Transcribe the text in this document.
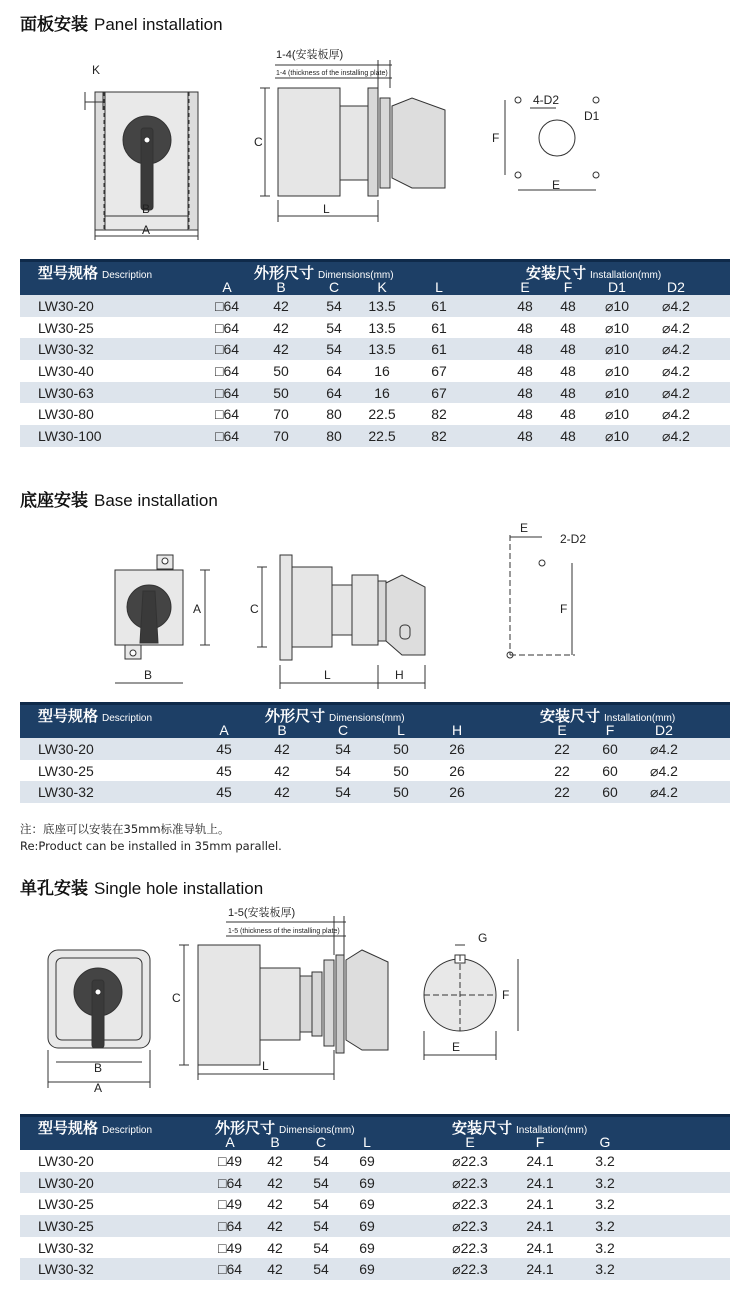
面板安装 Panel installation
K
B
A
C
L
1-4(安装板厚)
1-4 (thickness of the installing plate)
F
E
4-D2
D1
型号规格 Description	外形尺寸 Dimensions(mm)	安装尺寸 Installation(mm)
A	B	C	K	L	E F	D1	D2
LW30-20	□64 42	54 13.5	61	48 48 ⌀10 ⌀4.2
LW30-25	□64 42	54 13.5	61	48 48 ⌀10 ⌀4.2
LW30-32	□64 42	54 13.5	61	48 48 ⌀10 ⌀4.2
LW30-40	□64 50	64 16	67	48 48 ⌀10 ⌀4.2
LW30-63	□64 50	64 16	67	48 48 ⌀10 ⌀4.2
LW30-80	□64 70	80 22.5	82	48 48 ⌀10 ⌀4.2
LW30-100	□64 70	80 22.5	82	48 48 ⌀10 ⌀4.2
底座安装 Base installation
A
B
C
L	H
E
2-D2
F
型号规格 Description	外形尺寸 Dimensions(mm)	安装尺寸 Installation(mm)
A	B	C	L	H	E	F	D2
LW30-20	45	42	54	50	26	22 60 ⌀4.2
LW30-25	45	42	54	50	26	22 60 ⌀4.2
LW30-32	45	42	54	50	26	22 60 ⌀4.2
注：底座可以安装在35mm标准导轨上。
Re:Product can be installed in 35mm parallel.
单孔安装 Single hole installation
B
A
C
L
1-5(安装板厚)
1-5 (thickness of the installing plate)	G
F
E
型号规格 Description	外形尺寸 Dimensions(mm)	安装尺寸 Installation(mm)
A	B	C	L	E	F	G
LW30-20	□49 42 54 69	⌀22.3	24.1	3.2
LW30-20	□64 42 54 69	⌀22.3	24.1	3.2
LW30-25	□49 42 54 69	⌀22.3	24.1	3.2
LW30-25	□64 42 54 69	⌀22.3	24.1	3.2
LW30-32	□49 42 54 69	⌀22.3	24.1	3.2
LW30-32	□64 42 54 69	⌀22.3	24.1	3.2
